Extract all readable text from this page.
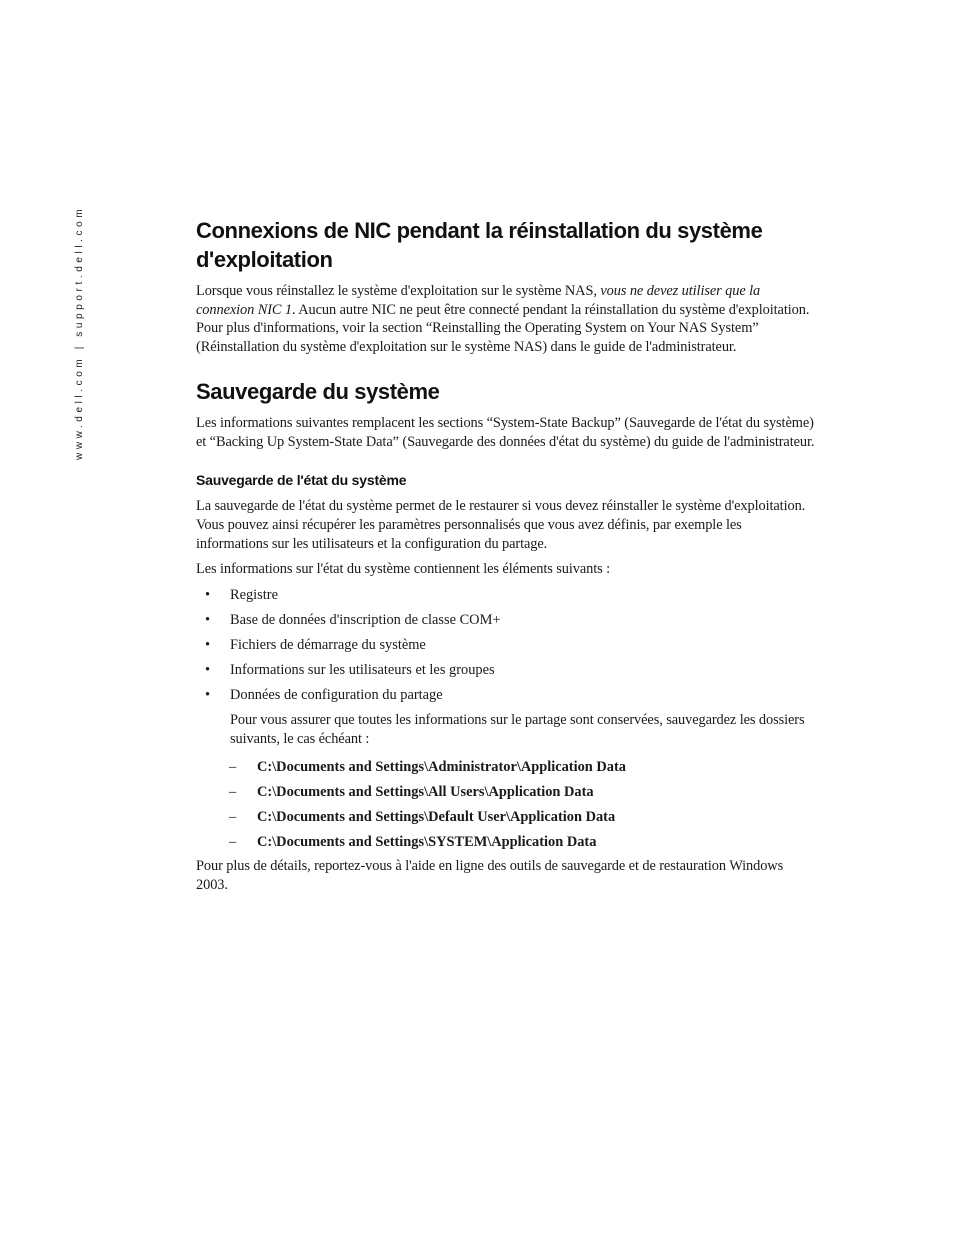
www.dell.com | support.dell.com	Connexions de NIC pendant la réinstallation du système d'exploitation

Lorsque vous réinstallez le système d'exploitation sur le système NAS, vous ne devez utiliser que la connexion NIC 1. Aucun autre NIC ne peut être connecté pendant la réinstallation du système d'exploitation. Pour plus d'informations, voir la section “Reinstalling the Operating System on Your NAS System” (Réinstallation du système d'exploitation sur le système NAS) dans le guide de l'administrateur.

Sauvegarde du système

Les informations suivantes remplacent les sections “System-State Backup” (Sauvegarde de l'état du système) et “Backing Up System-State Data” (Sauvegarde des données d'état du système) du guide de l'administrateur.

Sauvegarde de l'état du système

La sauvegarde de l'état du système permet de le restaurer si vous devez réinstaller le système d'exploitation. Vous pouvez ainsi récupérer les paramètres personnalisés que vous avez définis, par exemple les informations sur les utilisateurs et la configuration du partage.

Les informations sur l'état du système contiennent les éléments suivants :

• Registre
• Base de données d'inscription de classe COM+
• Fichiers de démarrage du système
• Informations sur les utilisateurs et les groupes
• Données de configuration du partage

Pour vous assurer que toutes les informations sur le partage sont conservées, sauvegardez les dossiers suivants, le cas échéant :

– C:\Documents and Settings\Administrator\Application Data
– C:\Documents and Settings\All Users\Application Data
– C:\Documents and Settings\Default User\Application Data
– C:\Documents and Settings\SYSTEM\Application Data

Pour plus de détails, reportez-vous à l'aide en ligne des outils de sauvegarde et de restauration Windows 2003.
